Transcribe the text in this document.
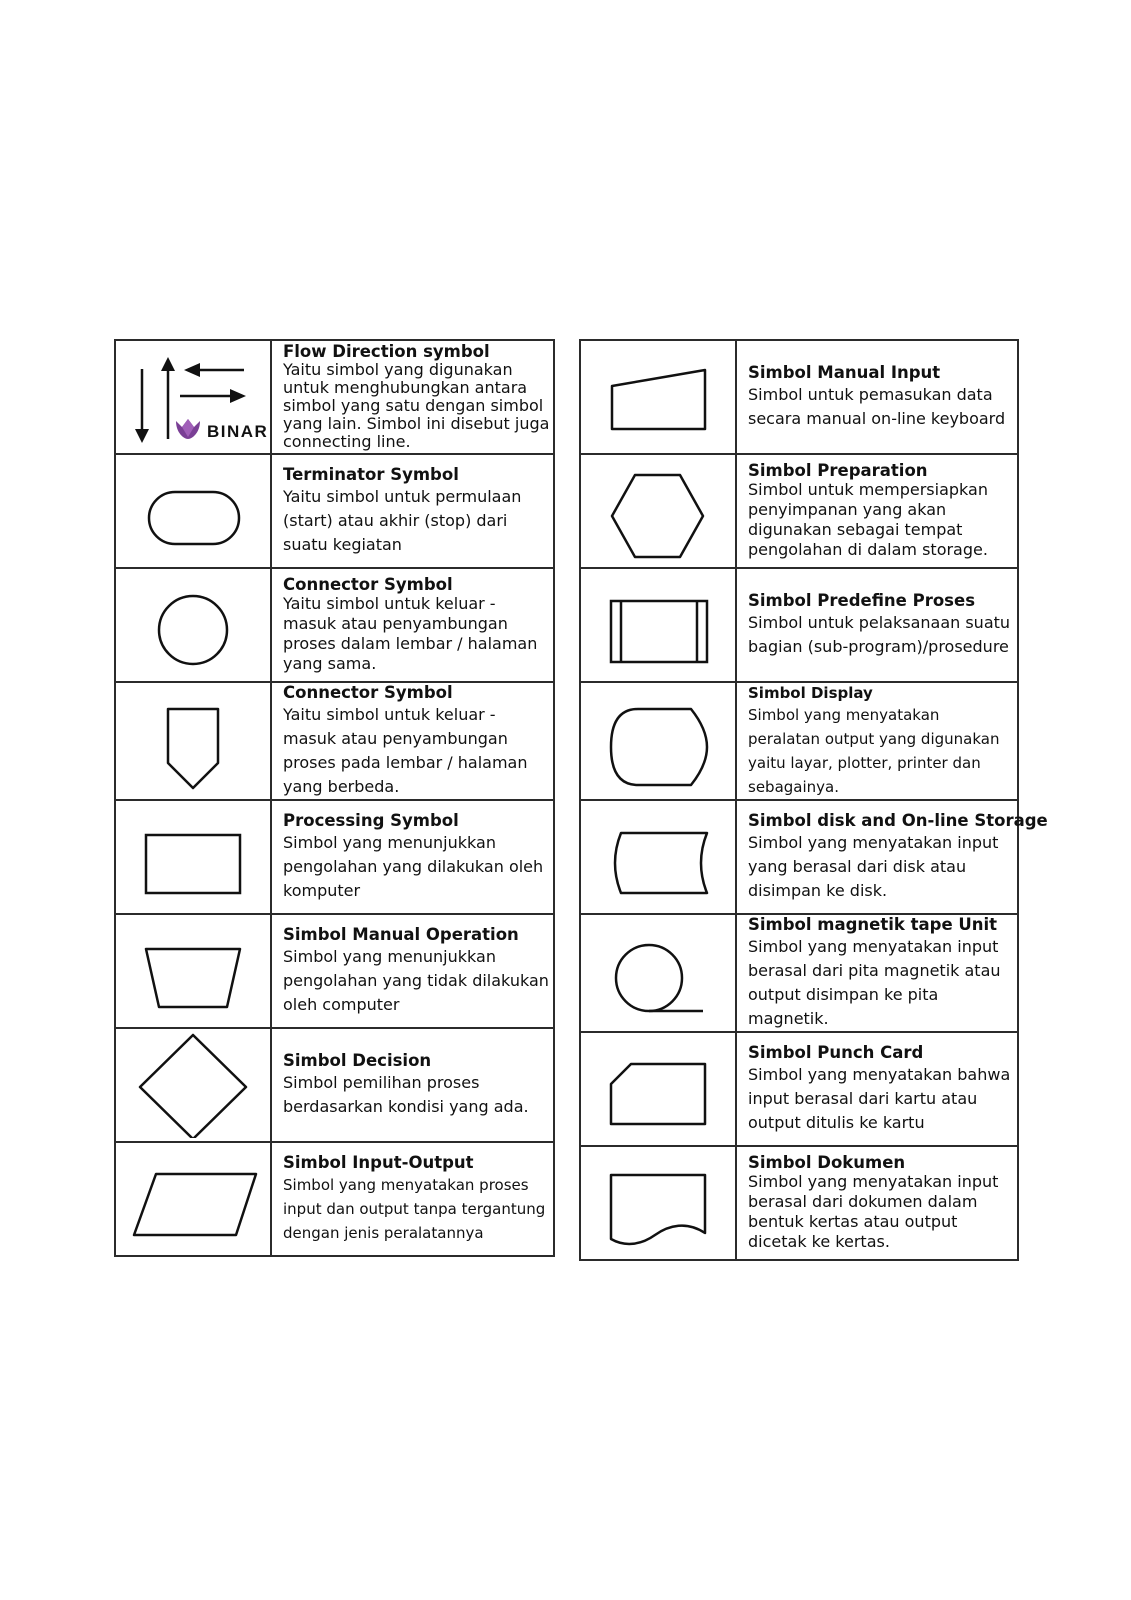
BINAR	Flow Direction symbol
Yaitu simbol yang digunakan untuk menghubungkan antara simbol yang satu dengan simbol yang lain. Simbol ini disebut juga connecting line.

Terminator Symbol
Yaitu simbol untuk permulaan (start) atau akhir (stop) dari suatu kegiatan

Connector Symbol
Yaitu simbol untuk keluar - masuk atau penyambungan proses dalam lembar / halaman yang sama.

Connector Symbol
Yaitu simbol untuk keluar - masuk atau penyambungan proses pada lembar / halaman yang berbeda.

Processing Symbol
Simbol yang menunjukkan pengolahan yang dilakukan oleh komputer

Simbol Manual Operation
Simbol yang menunjukkan pengolahan yang tidak dilakukan oleh computer

Simbol Decision
Simbol pemilihan proses berdasarkan kondisi yang ada.

Simbol Input-Output
Simbol yang menyatakan proses input dan output tanpa tergantung dengan jenis peralatannya

Simbol Manual Input
Simbol untuk pemasukan data secara manual on-line keyboard

Simbol Preparation
Simbol untuk mempersiapkan penyimpanan yang akan digunakan sebagai tempat pengolahan di dalam storage.

Simbol Predefine Proses
Simbol untuk pelaksanaan suatu bagian (sub-program)/prosedure

Simbol Display
Simbol yang menyatakan peralatan output yang digunakan yaitu layar, plotter, printer dan sebagainya.

Simbol disk and On-line Storage
Simbol yang menyatakan input yang berasal dari disk atau disimpan ke disk.

Simbol magnetik tape Unit
Simbol yang menyatakan input berasal dari pita magnetik atau output disimpan ke pita magnetik.

Simbol Punch Card
Simbol yang menyatakan bahwa input berasal dari kartu atau output ditulis ke kartu

Simbol Dokumen
Simbol yang menyatakan input berasal dari dokumen dalam bentuk kertas atau output dicetak ke kertas.
